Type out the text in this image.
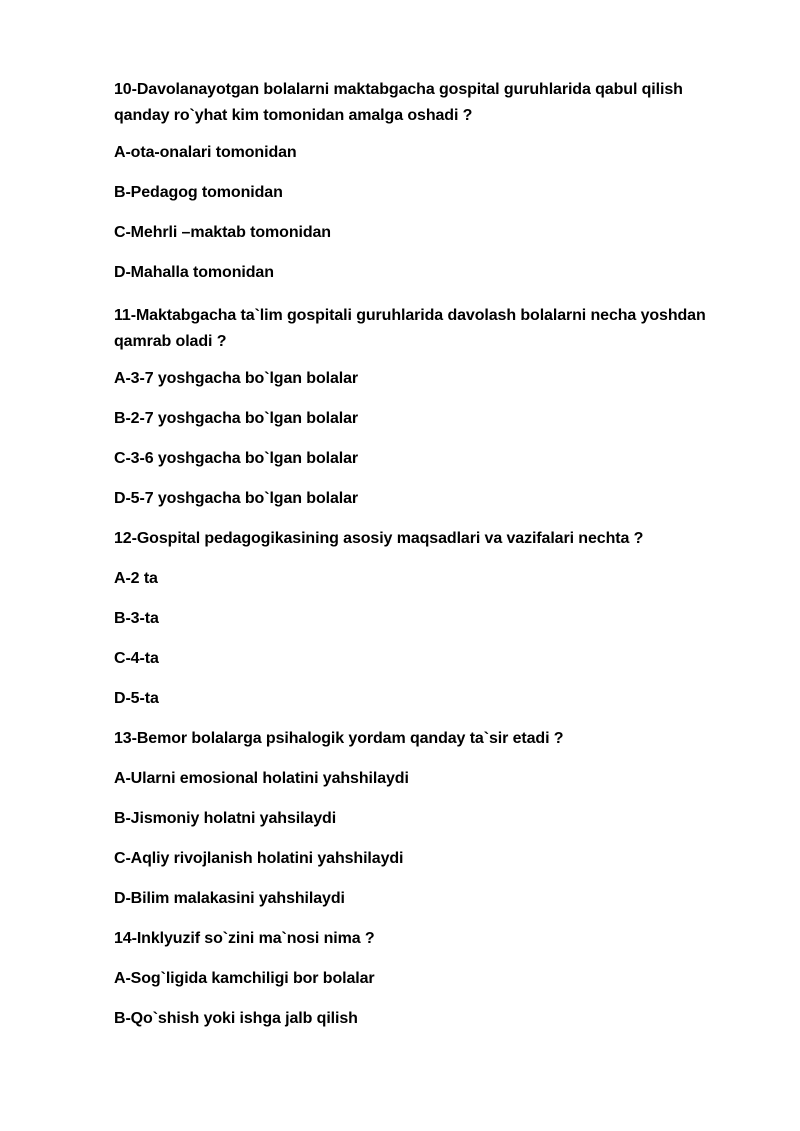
10-Davolanayotgan bolalarni maktabgacha gospital guruhlarida qabul qilish qanday ro`yhat kim tomonidan amalga oshadi ?

A-ota-onalari tomonidan

B-Pedagog tomonidan

C-Mehrli –maktab tomonidan

D-Mahalla tomonidan

11-Maktabgacha ta`lim gospitali guruhlarida davolash bolalarni necha yoshdan qamrab oladi ?

A-3-7 yoshgacha bo`lgan bolalar

B-2-7 yoshgacha bo`lgan bolalar

C-3-6 yoshgacha bo`lgan bolalar

D-5-7 yoshgacha bo`lgan bolalar

12-Gospital pedagogikasining asosiy maqsadlari va vazifalari nechta ?

A-2 ta

B-3-ta

C-4-ta

D-5-ta

13-Bemor bolalarga psihalogik yordam qanday ta`sir etadi ?

A-Ularni emosional holatini yahshilaydi

B-Jismoniy holatni yahsilaydi

C-Aqliy rivojlanish holatini yahshilaydi

D-Bilim malakasini yahshilaydi

14-Inklyuzif so`zini ma`nosi nima ?

A-Sog`ligida kamchiligi bor bolalar

B-Qo`shish yoki ishga jalb qilish
